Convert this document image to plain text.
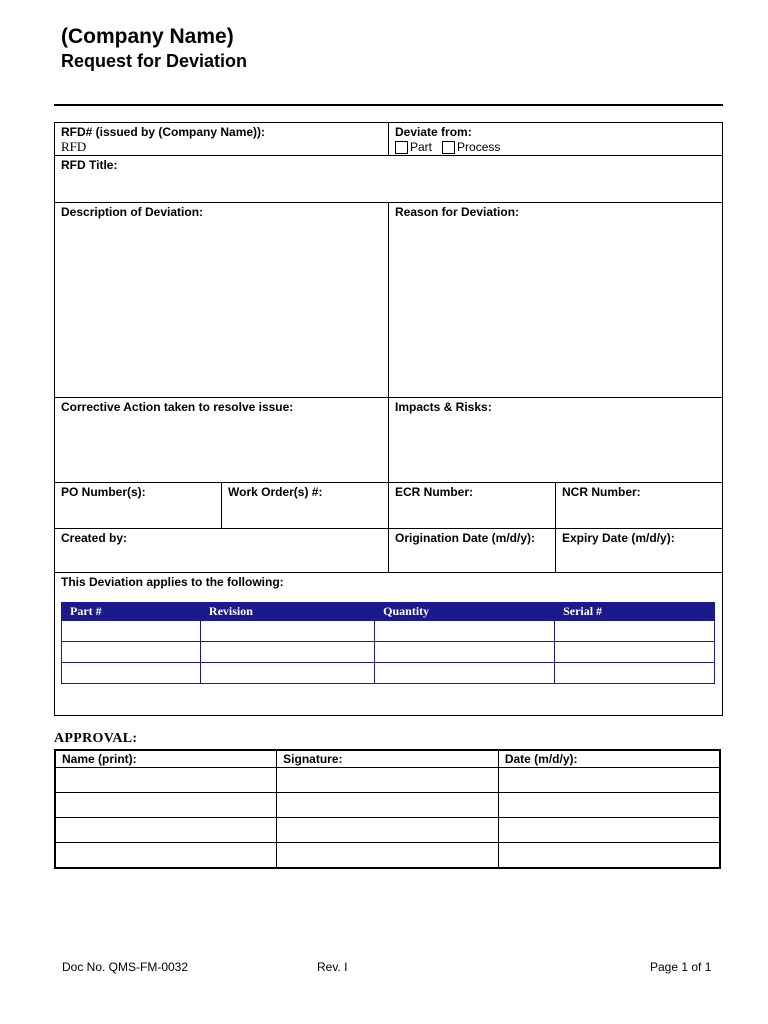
(Company Name)
Request for Deviation
RFD# (issued by (Company Name)):
RFD
Deviate from:
Part Process
RFD Title:
Description of Deviation:	Reason for Deviation:
Corrective Action taken to resolve issue:	Impacts & Risks:
PO Number(s):	Work Order(s) #:	ECR Number:	NCR Number:
Created by:	Origination Date (m/d/y):	Expiry Date (m/d/y):
This Deviation applies to the following:
Part #	Revision	Quantity	Serial #

APPROVAL:
Name (print):	Signature:	Date (m/d/y):

Doc No. QMS-FM-0032	Rev. I	Page 1 of 1
